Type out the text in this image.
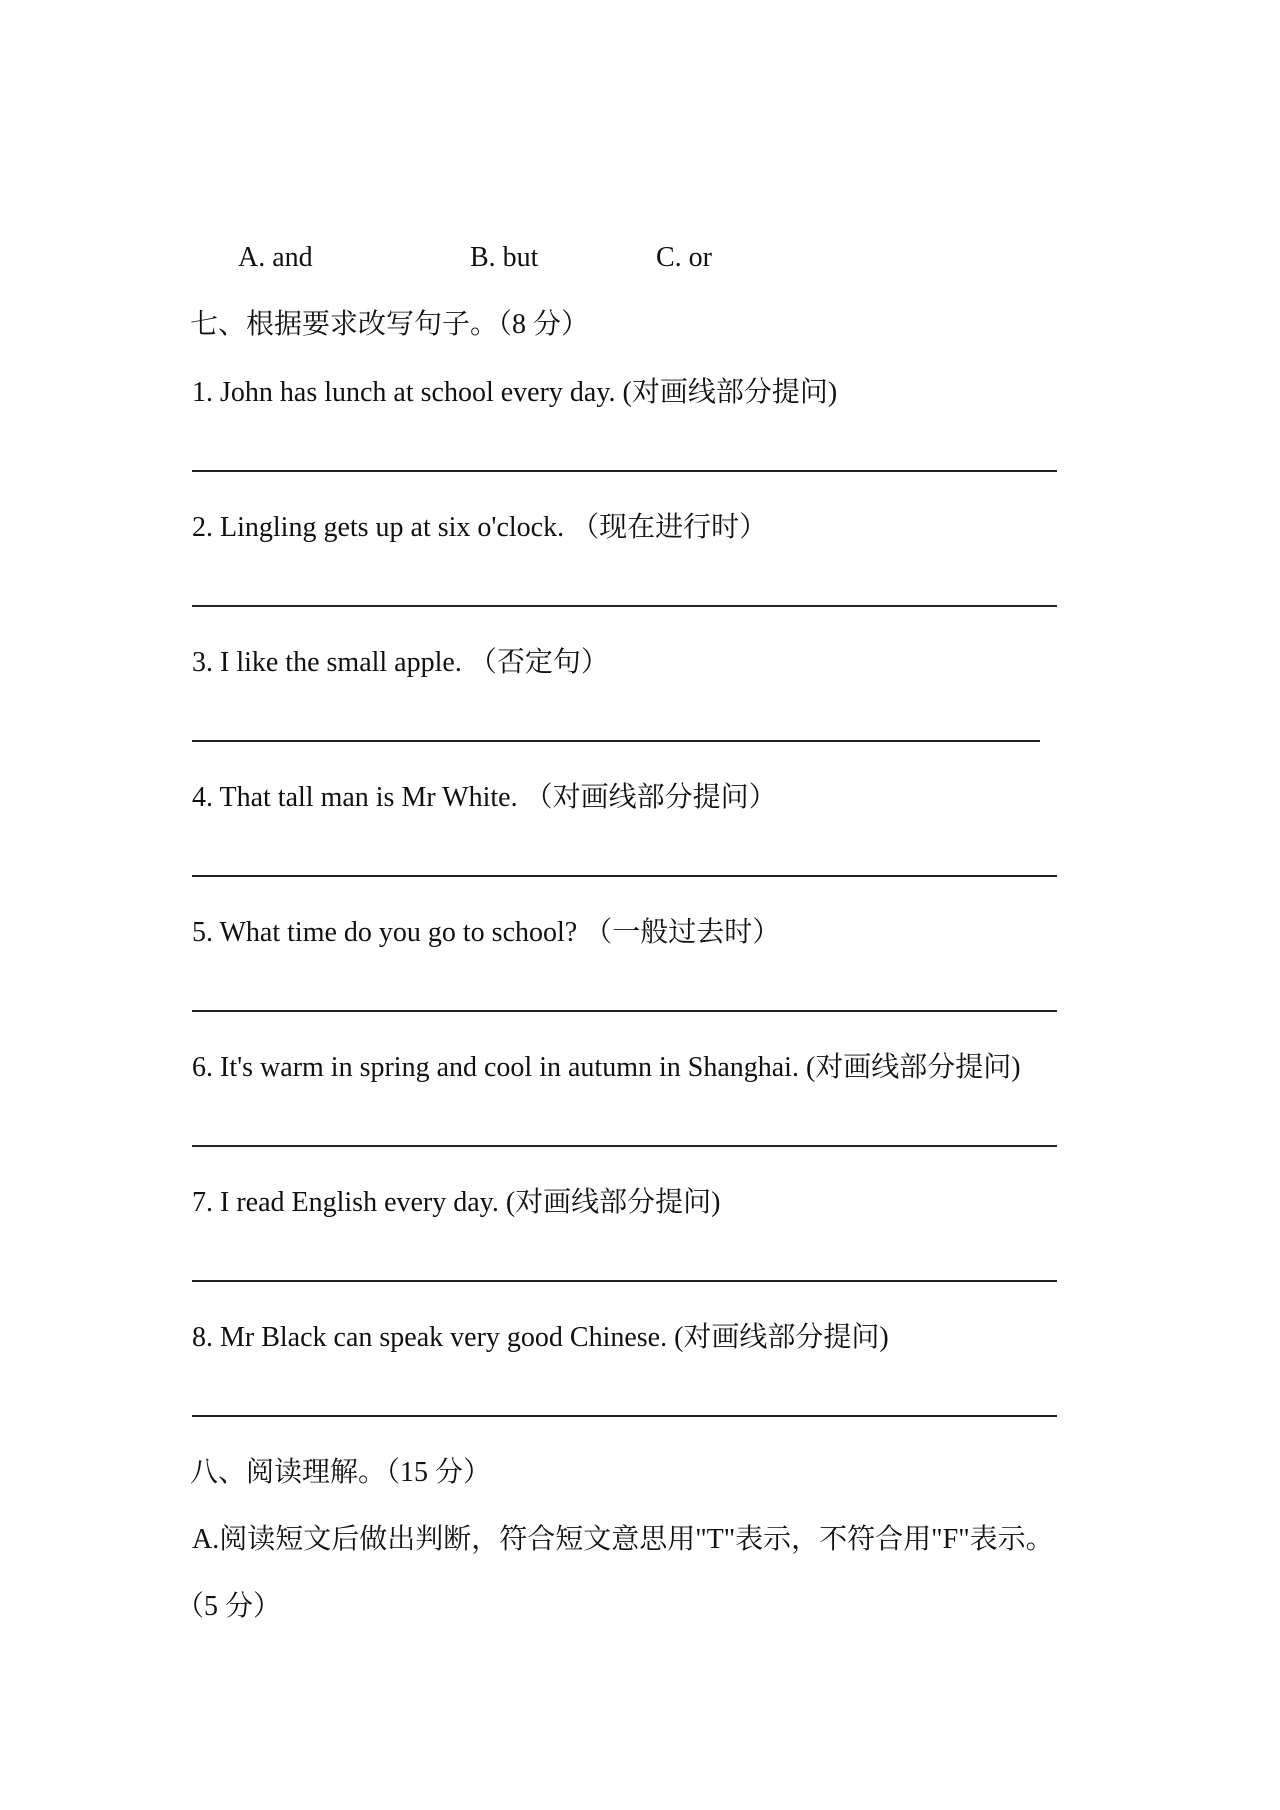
A. and	B. but	C. or
七、根据要求改写句子。（8 分）
1. John has lunch at school every day. (对画线部分提问)
2. Lingling gets up at six o'clock. （现在进行时）
3. I like the small apple. （否定句）
4. That tall man is Mr White. （对画线部分提问）
5. What time do you go to school? （一般过去时）
6. It's warm in spring and cool in autumn in Shanghai. (对画线部分提问)
7. I read English every day. (对画线部分提问)
8. Mr Black can speak very good Chinese. (对画线部分提问)
八、阅读理解。（15 分）
A.阅读短文后做出判断，符合短文意思用"T"表示，不符合用"F"表示。
（5 分）
